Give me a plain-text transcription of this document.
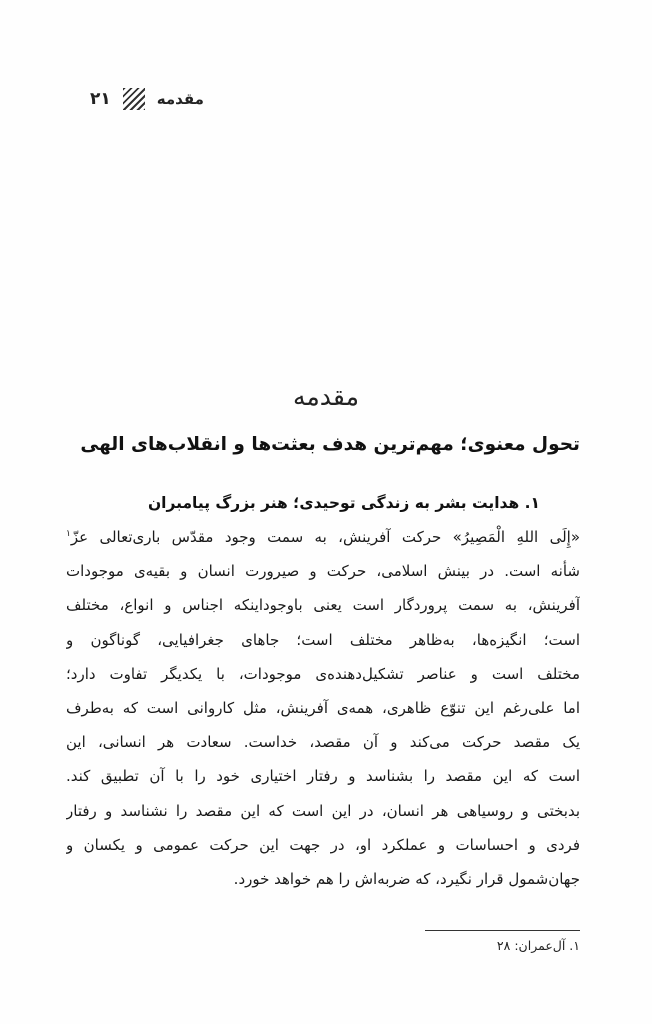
۲۱	مقدمه
مقدمه
تحول معنوی؛ مهم‌ترین هدف بعثت‌ها و انقلاب‌های الهی
۱. هدایت بشر به زندگی توحیدی؛ هنر بزرگ پیامبران
«إِلَی اللهِ الْمَصِیرُ» حرکت آفرینش، به سمت وجود مقدّس باری‌تعالی عزّ$^۱$
شأنه است. در بینش اسلامی، حرکت و صیرورت انسان و بقیه‌ی موجودات
آفرینش، به سمت پروردگار است یعنی باوجوداینکه اجناس و انواع، مختلف
است؛ انگیزه‌ها، به‌ظاهر مختلف است؛ جاهای جغرافیایی، گوناگون و
مختلف است و عناصر تشکیل‌دهنده‌ی موجودات، با یکدیگر تفاوت دارد؛
اما علی‌رغم این تنوّع ظاهری، همه‌ی آفرینش، مثل کاروانی است که به‌طرف
یک مقصد حرکت می‌کند و آن مقصد، خداست. سعادت هر انسانی، این
است که این مقصد را بشناسد و رفتار اختیاری خود را با آن تطبیق کند.
بدبختی و روسیاهی هر انسان، در این است که این مقصد را نشناسد و رفتار
فردی و احساسات و عملکرد او، در جهت این حرکت عمومی و یکسان و
جهان‌شمول قرار نگیرد، که ضربه‌اش را هم خواهد خورد.
۱. آل‌عمران: ۲۸
